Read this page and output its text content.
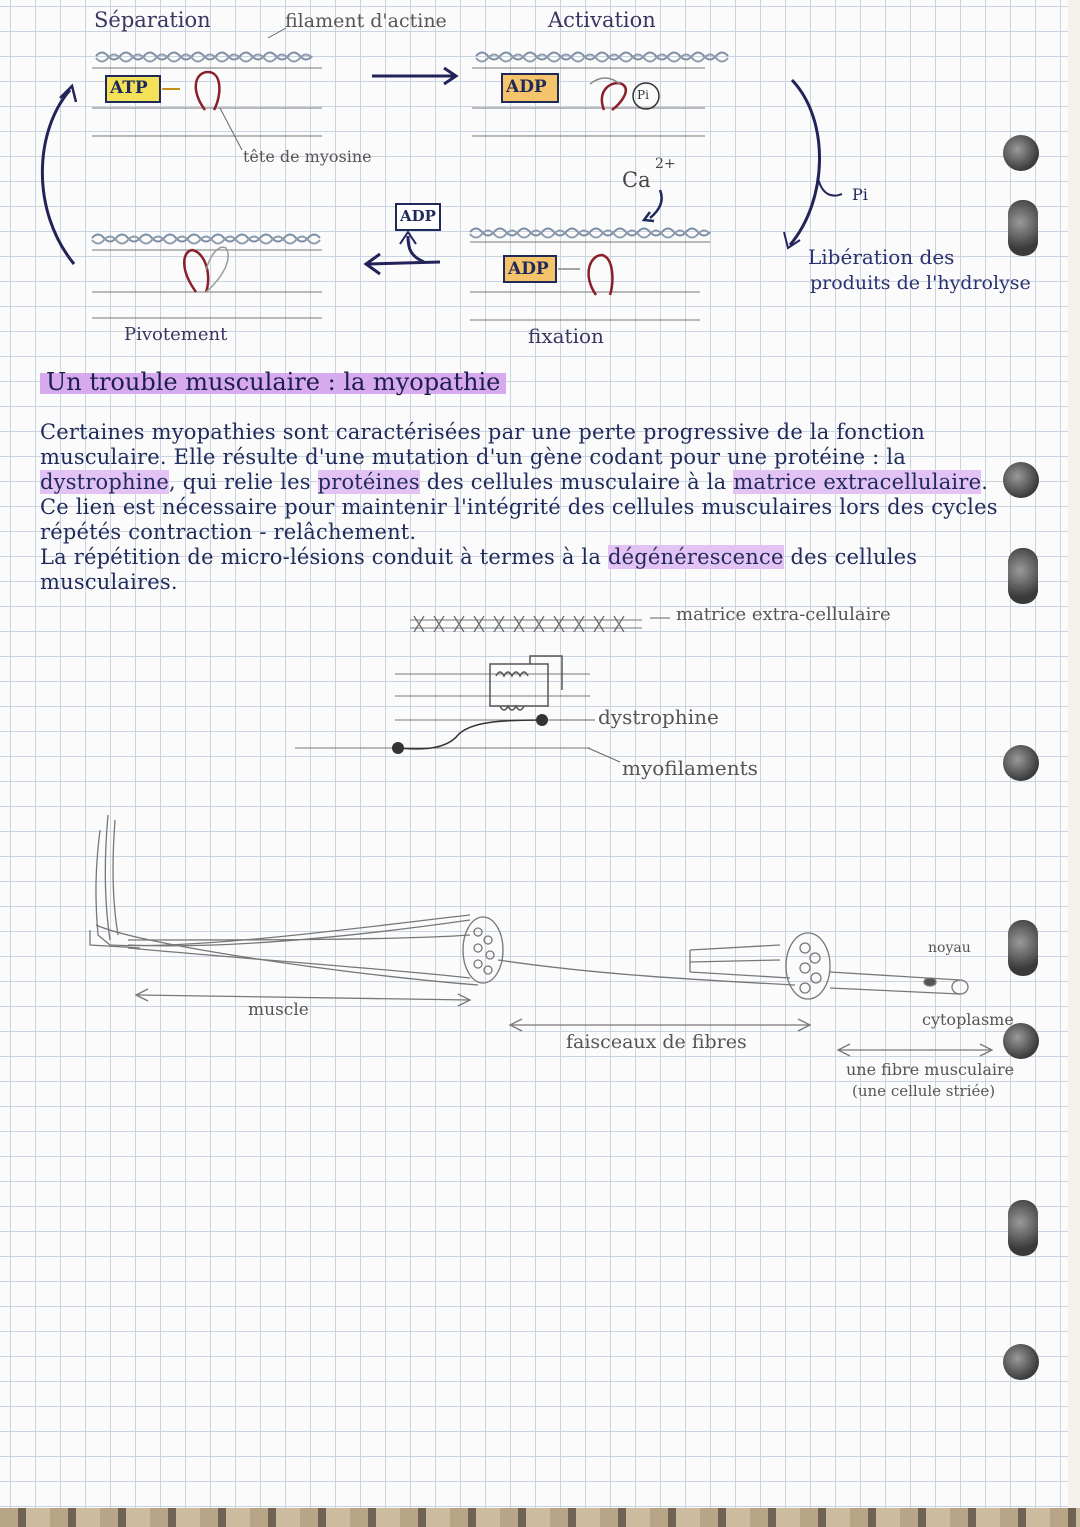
Séparation	filament d'actine	Activation
ATP	ADP	Pi
tête de myosine
Ca
2+
ADP
ADP
Pi
Libération des
produits de l'hydrolyse
Pivotement	fixation
Un trouble musculaire : la myopathie
Certaines myopathies sont caractérisées par une perte progressive de la fonction musculaire. Elle résulte d'une mutation d'un gène codant pour une protéine : la dystrophine, qui relie les protéines des cellules musculaire à la matrice extracellulaire.
Ce lien est nécessaire pour maintenir l'intégrité des cellules musculaires lors des cycles répétés contraction - relâchement.
La répétition de micro-lésions conduit à termes à la dégénérescence des cellules musculaires.
matrice extra-cellulaire
dystrophine
myofilaments
muscle
faisceaux de fibres
noyau
cytoplasme
une fibre musculaire
(une cellule striée)
